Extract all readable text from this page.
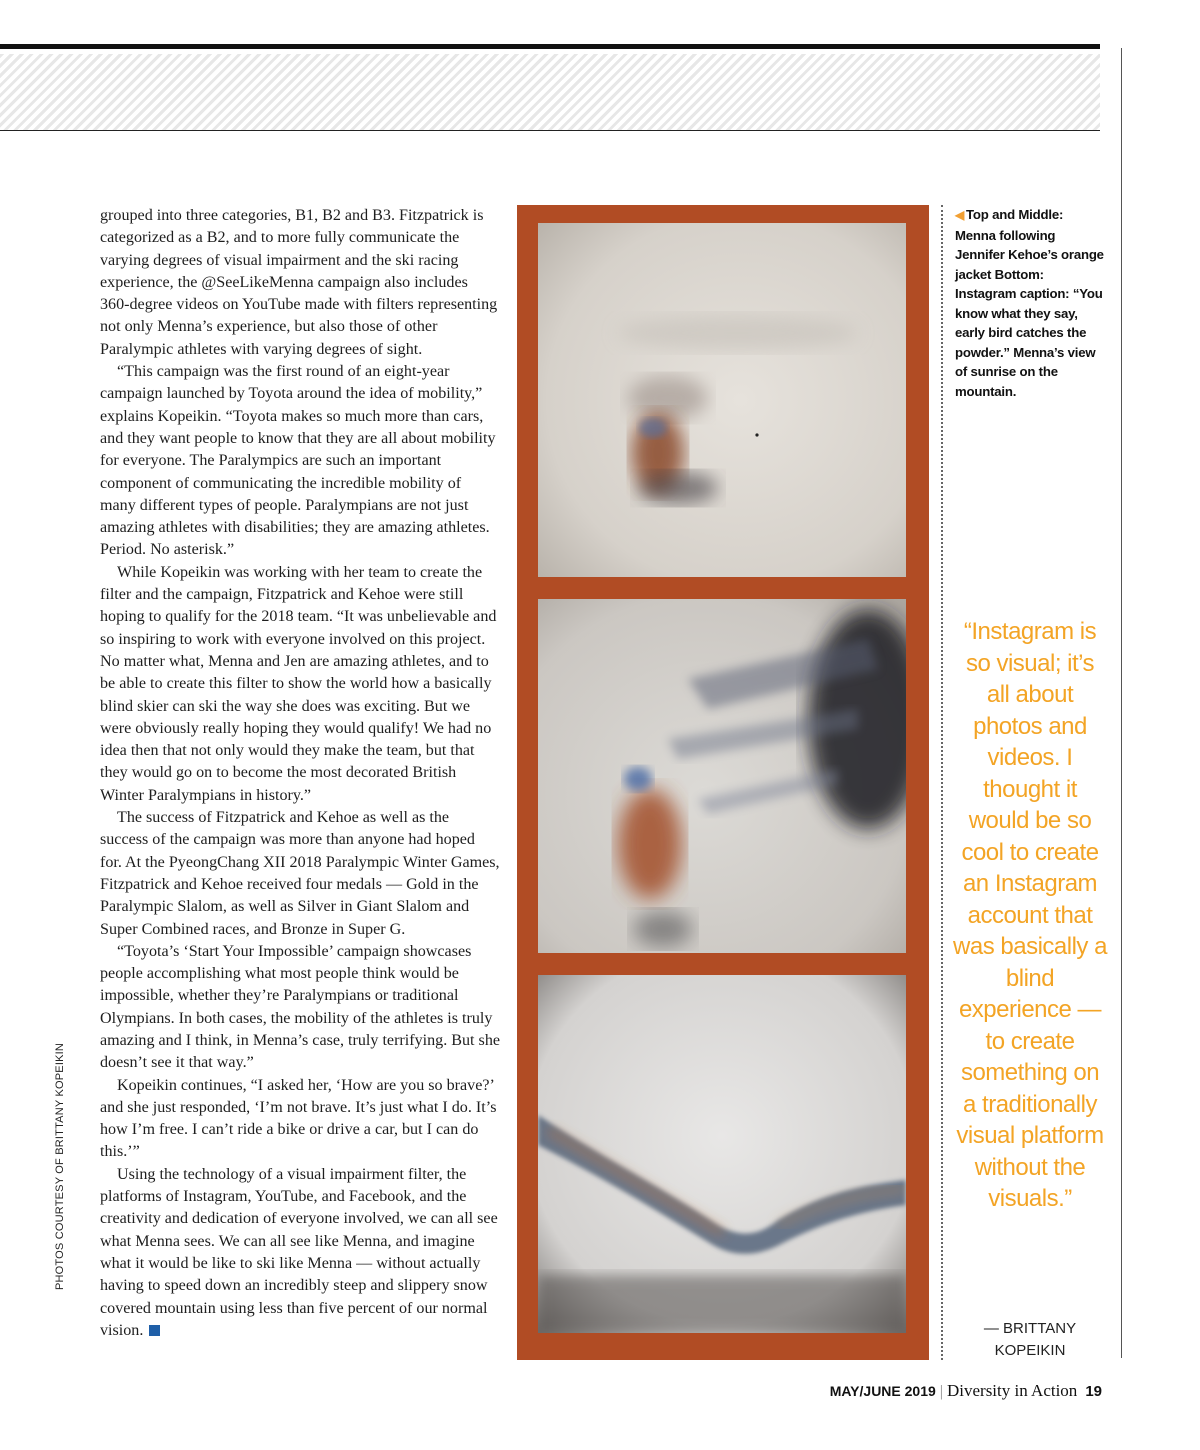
PHOTOS COURTESY OF BRITTANY KOPEIKIN

grouped into three categories, B1, B2 and B3. Fitzpatrick is categorized as a B2, and to more fully communicate the varying degrees of visual impairment and the ski racing experience, the @SeeLikeMenna campaign also includes 360-degree videos on YouTube made with filters representing not only Menna’s experience, but also those of other Paralympic athletes with varying degrees of sight.

“This campaign was the first round of an eight-year campaign launched by Toyota around the idea of mobility,” explains Kopeikin. “Toyota makes so much more than cars, and they want people to know that they are all about mobility for everyone. The Paralympics are such an important component of communicating the incredible mobility of many different types of people. Paralympians are not just amazing athletes with disabilities; they are amazing athletes. Period. No asterisk.”

While Kopeikin was working with her team to create the filter and the campaign, Fitzpatrick and Kehoe were still hoping to qualify for the 2018 team. “It was unbelievable and so inspiring to work with everyone involved on this project. No matter what, Menna and Jen are amazing athletes, and to be able to create this filter to show the world how a basically blind skier can ski the way she does was exciting. But we were obviously really hoping they would qualify! We had no idea then that not only would they make the team, but that they would go on to become the most decorated British Winter Paralympians in history.”

The success of Fitzpatrick and Kehoe as well as the success of the campaign was more than anyone had hoped for. At the PyeongChang XII 2018 Paralympic Winter Games, Fitzpatrick and Kehoe received four medals — Gold in the Paralympic Slalom, as well as Silver in Giant Slalom and Super Combined races, and Bronze in Super G.

“Toyota’s ‘Start Your Impossible’ campaign showcases people accomplishing what most people think would be impossible, whether they’re Paralympians or traditional Olympians. In both cases, the mobility of the athletes is truly amazing and I think, in Menna’s case, truly terrifying. But she doesn’t see it that way.”

Kopeikin continues, “I asked her, ‘How are you so brave?’ and she just responded, ‘I’m not brave. It’s just what I do. It’s how I’m free. I can’t ride a bike or drive a car, but I can do this.’”

Using the technology of a visual impairment filter, the platforms of Instagram, YouTube, and Facebook, and the creativity and dedication of everyone involved, we can all see what Menna sees. We can all see like Menna, and imagine what it would be like to ski like Menna — without actually having to speed down an incredibly steep and slippery snow covered mountain using less than five percent of our normal vision.

◀ Top and Middle: Menna following Jennifer Kehoe’s orange jacket Bottom: Instagram caption: “You know what they say, early bird catches the powder.” Menna’s view of sunrise on the mountain.
“Instagram is so visual; it’s all about photos and videos. I thought it would be so cool to create an Instagram account that was basically a blind experience — to create something on a traditionally visual platform without the visuals.”
— BRITTANY KOPEIKIN
MAY/JUNE 2019 | Diversity in Action 19
